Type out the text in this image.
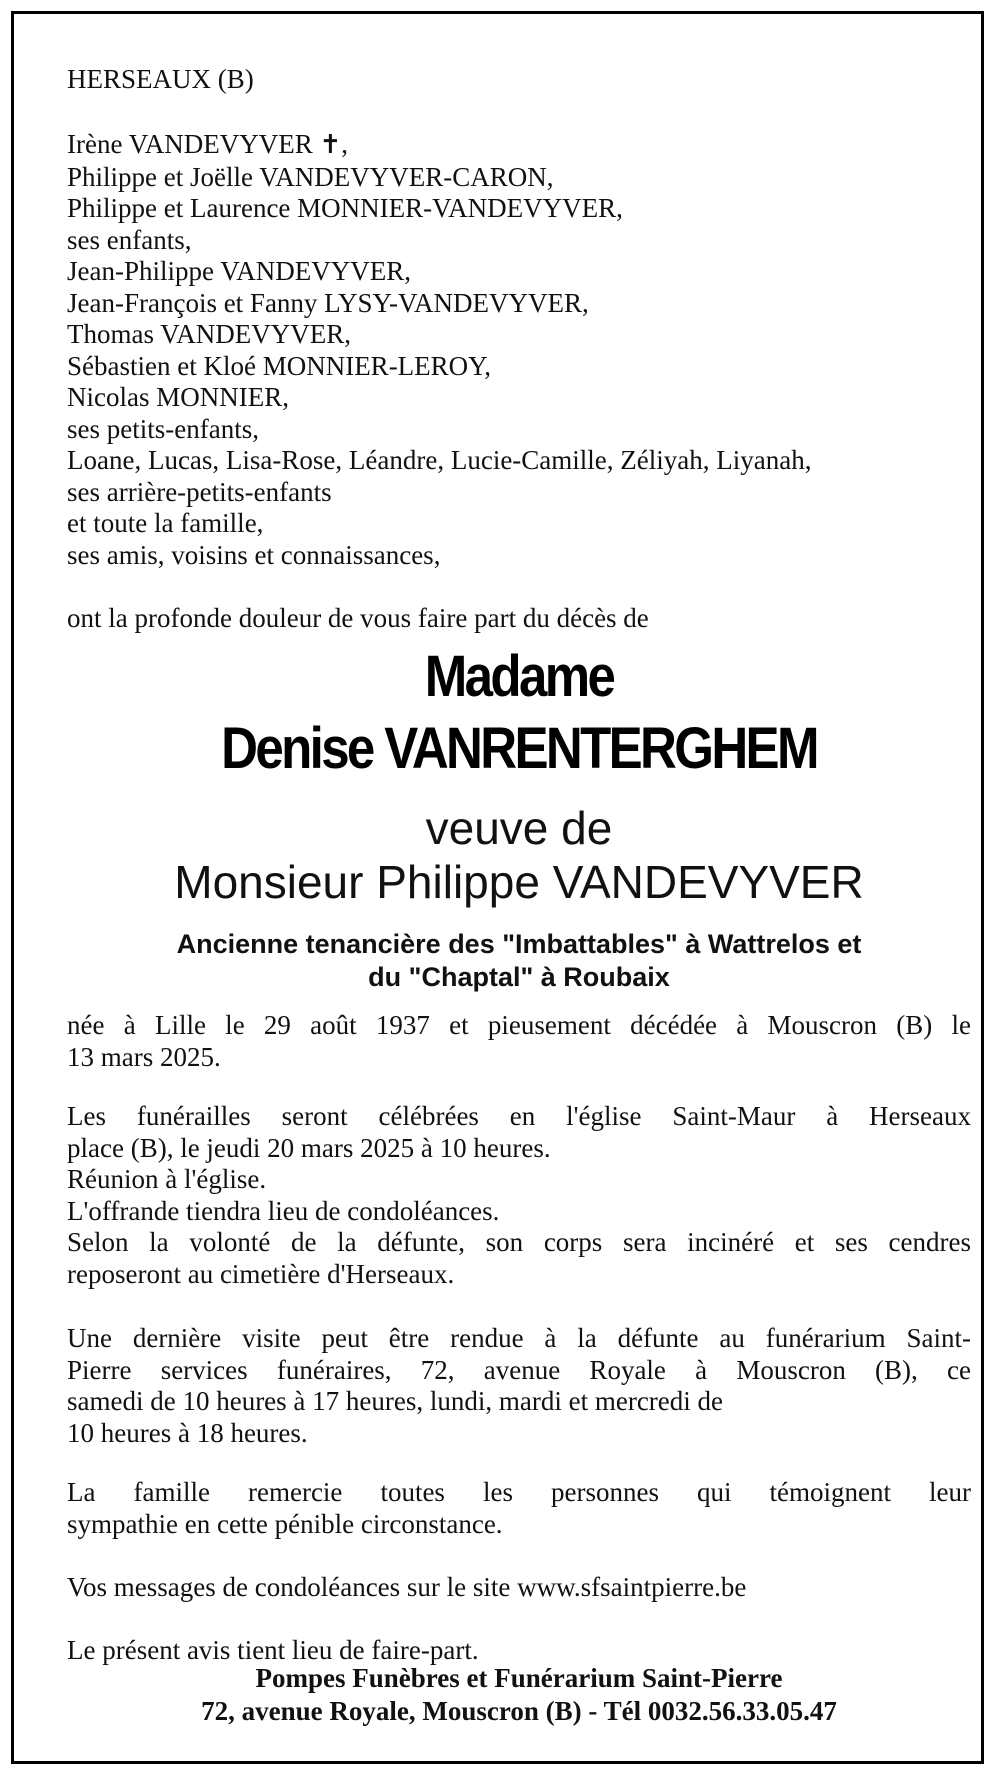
HERSEAUX (B)
Irène VANDEVYVER ✝,
Philippe et Joëlle VANDEVYVER-CARON,
Philippe et Laurence MONNIER-VANDEVYVER,
ses enfants,
Jean-Philippe VANDEVYVER,
Jean-François et Fanny LYSY-VANDEVYVER,
Thomas VANDEVYVER,
Sébastien et Kloé MONNIER-LEROY,
Nicolas MONNIER,
ses petits-enfants,
Loane, Lucas, Lisa-Rose, Léandre, Lucie-Camille, Zéliyah, Liyanah,
ses arrière-petits-enfants
et toute la famille,
ses amis, voisins et connaissances,
ont la profonde douleur de vous faire part du décès de
Madame
Denise VANRENTERGHEM
veuve de
Monsieur Philippe VANDEVYVER
Ancienne tenancière des "Imbattables" à Wattrelos et
du "Chaptal" à Roubaix
née à Lille le 29 août 1937 et pieusement décédée à Mouscron (B) le
13 mars 2025.
Les funérailles seront célébrées en l'église Saint-Maur à Herseaux
place (B), le jeudi 20 mars 2025 à 10 heures.
Réunion à l'église.
L'offrande tiendra lieu de condoléances.
Selon la volonté de la défunte, son corps sera incinéré et ses cendres
reposeront au cimetière d'Herseaux.
Une dernière visite peut être rendue à la défunte au funérarium Saint-
Pierre services funéraires, 72, avenue Royale à Mouscron (B), ce
samedi de 10 heures à 17 heures, lundi, mardi et mercredi de
10 heures à 18 heures.
La famille remercie toutes les personnes qui témoignent leur
sympathie en cette pénible circonstance.
Vos messages de condoléances sur le site www.sfsaintpierre.be
Le présent avis tient lieu de faire-part.
Pompes Funèbres et Funérarium Saint-Pierre
72, avenue Royale, Mouscron (B) - Tél 0032.56.33.05.47
